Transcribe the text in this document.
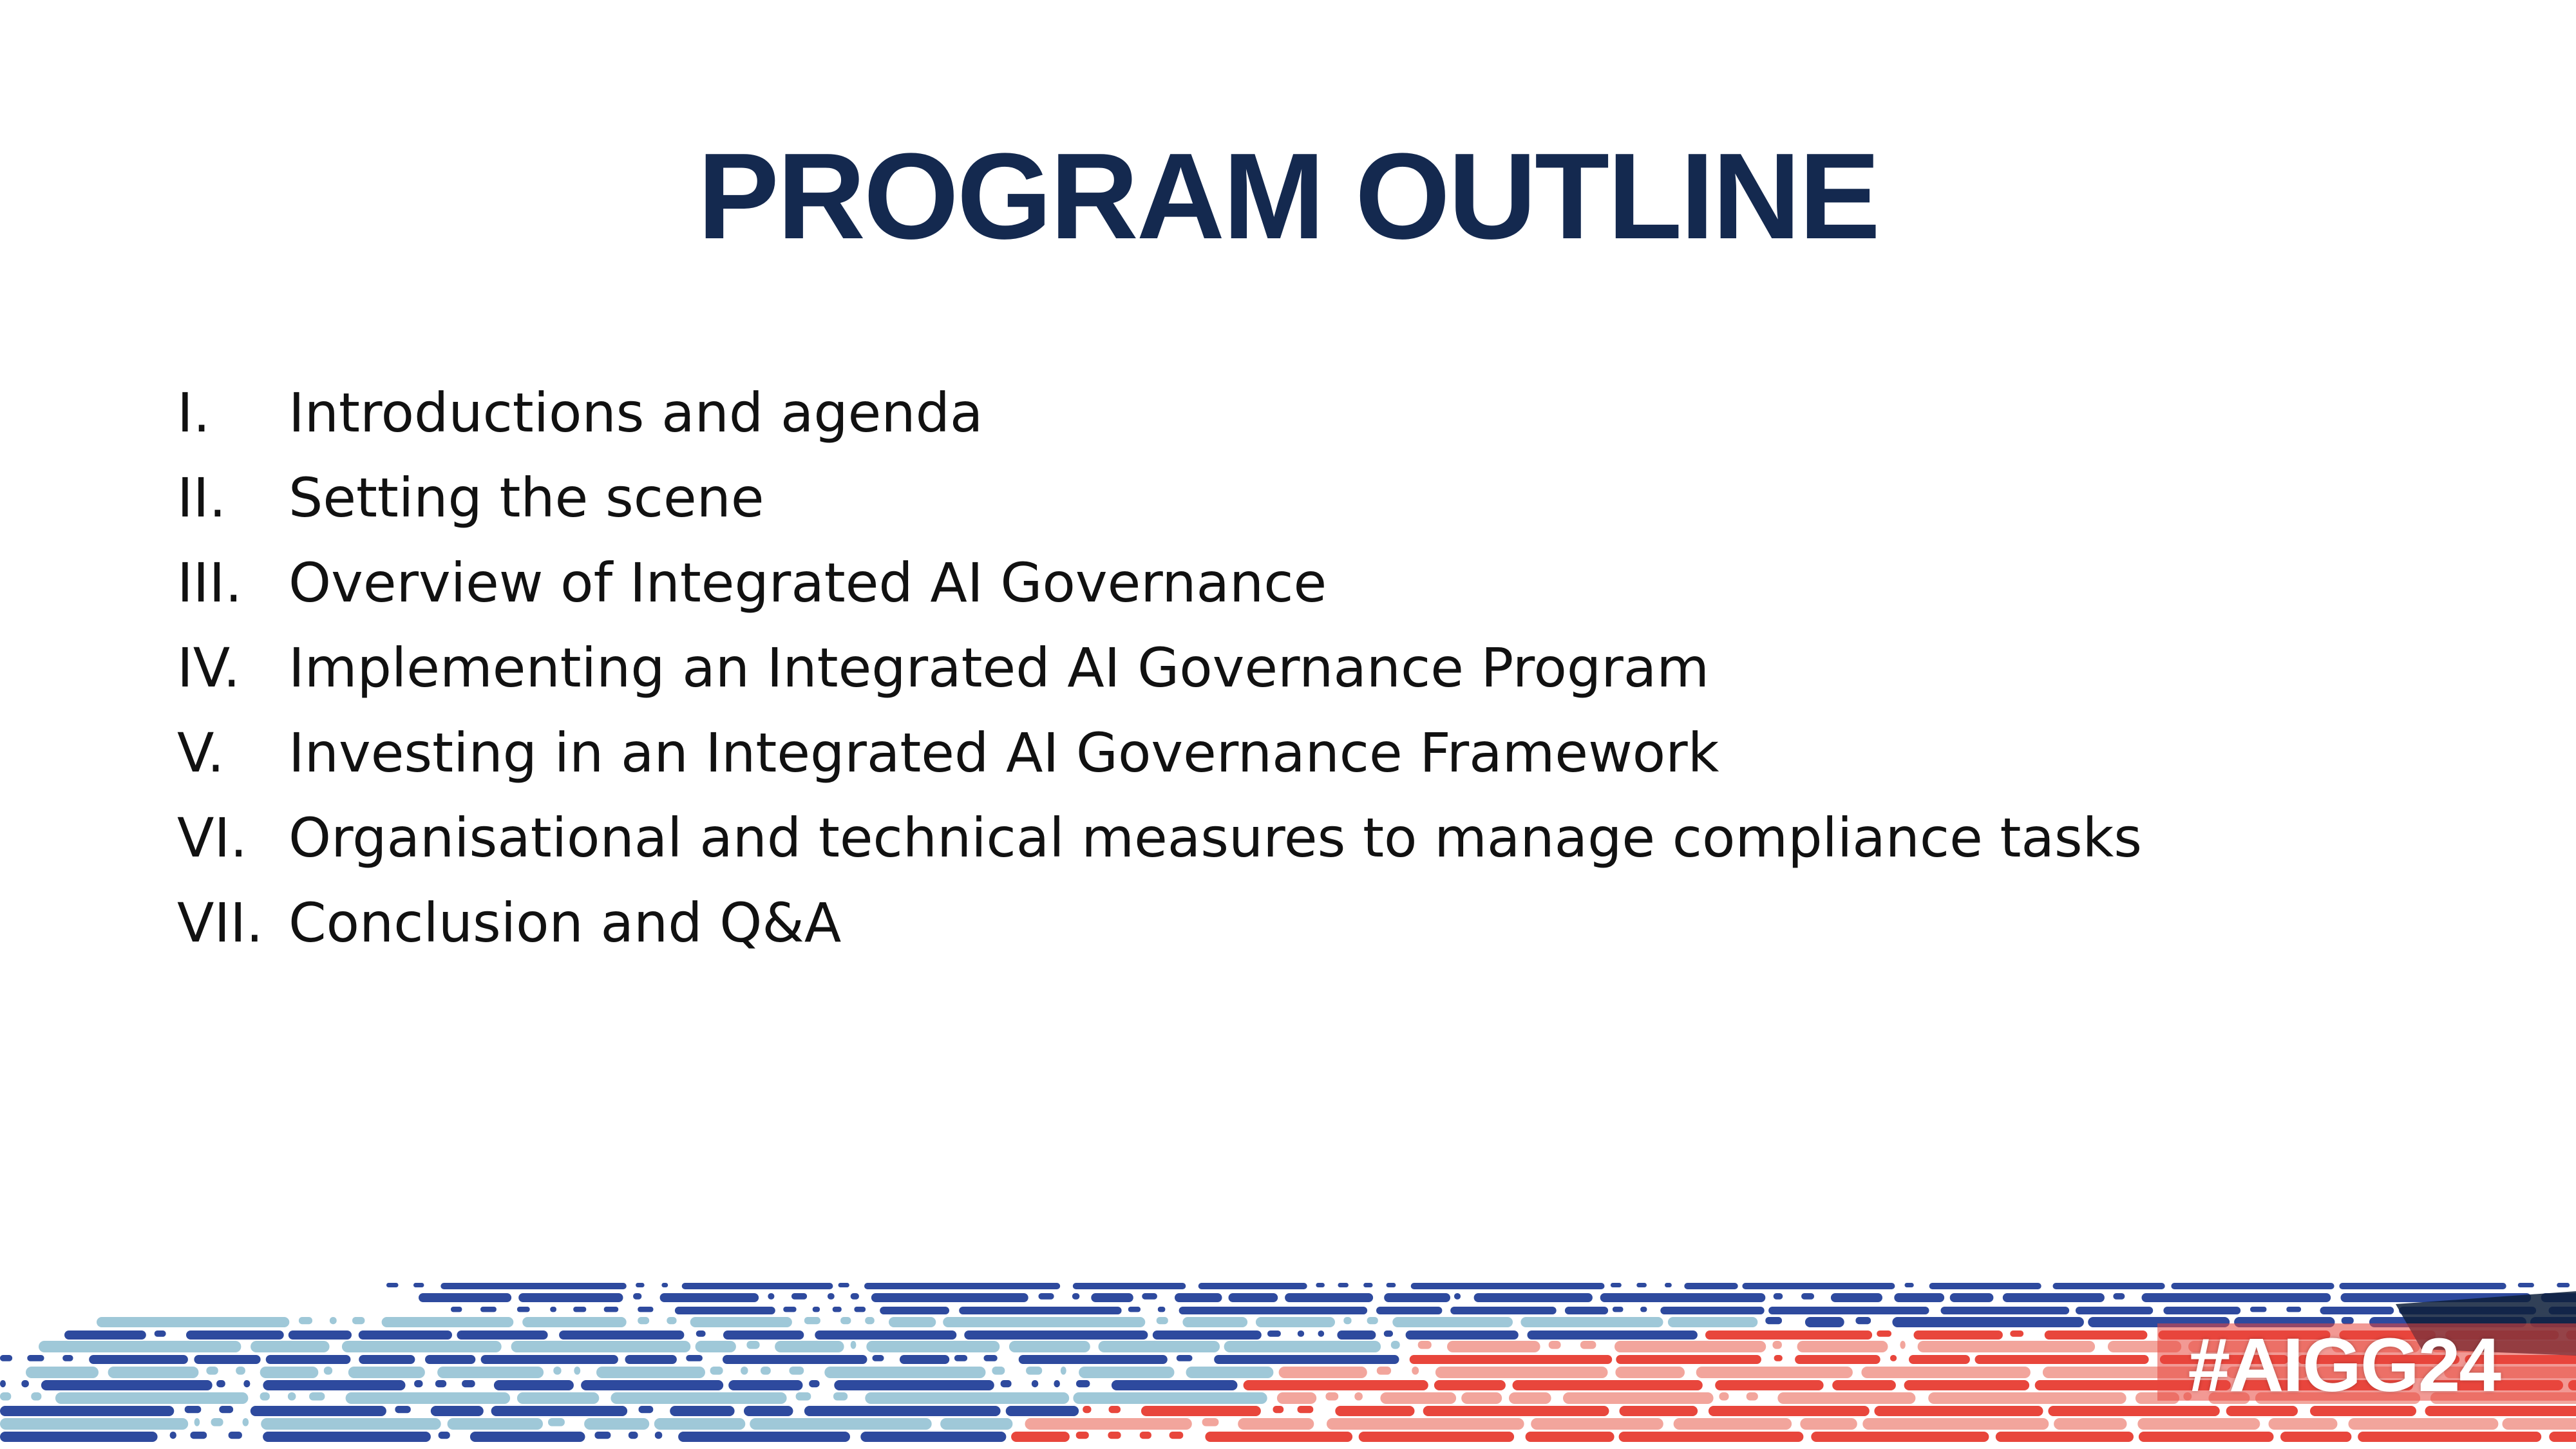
PROGRAM OUTLINE
I.	Introductions and agenda
II.	Setting the scene
III. Overview of Integrated AI Governance
IV. Implementing an Integrated AI Governance Program
V.	Investing in an Integrated AI Governance Framework
VI. Organisational and technical measures to manage compliance tasks
VII. Conclusion and Q&A
#AIGG24
